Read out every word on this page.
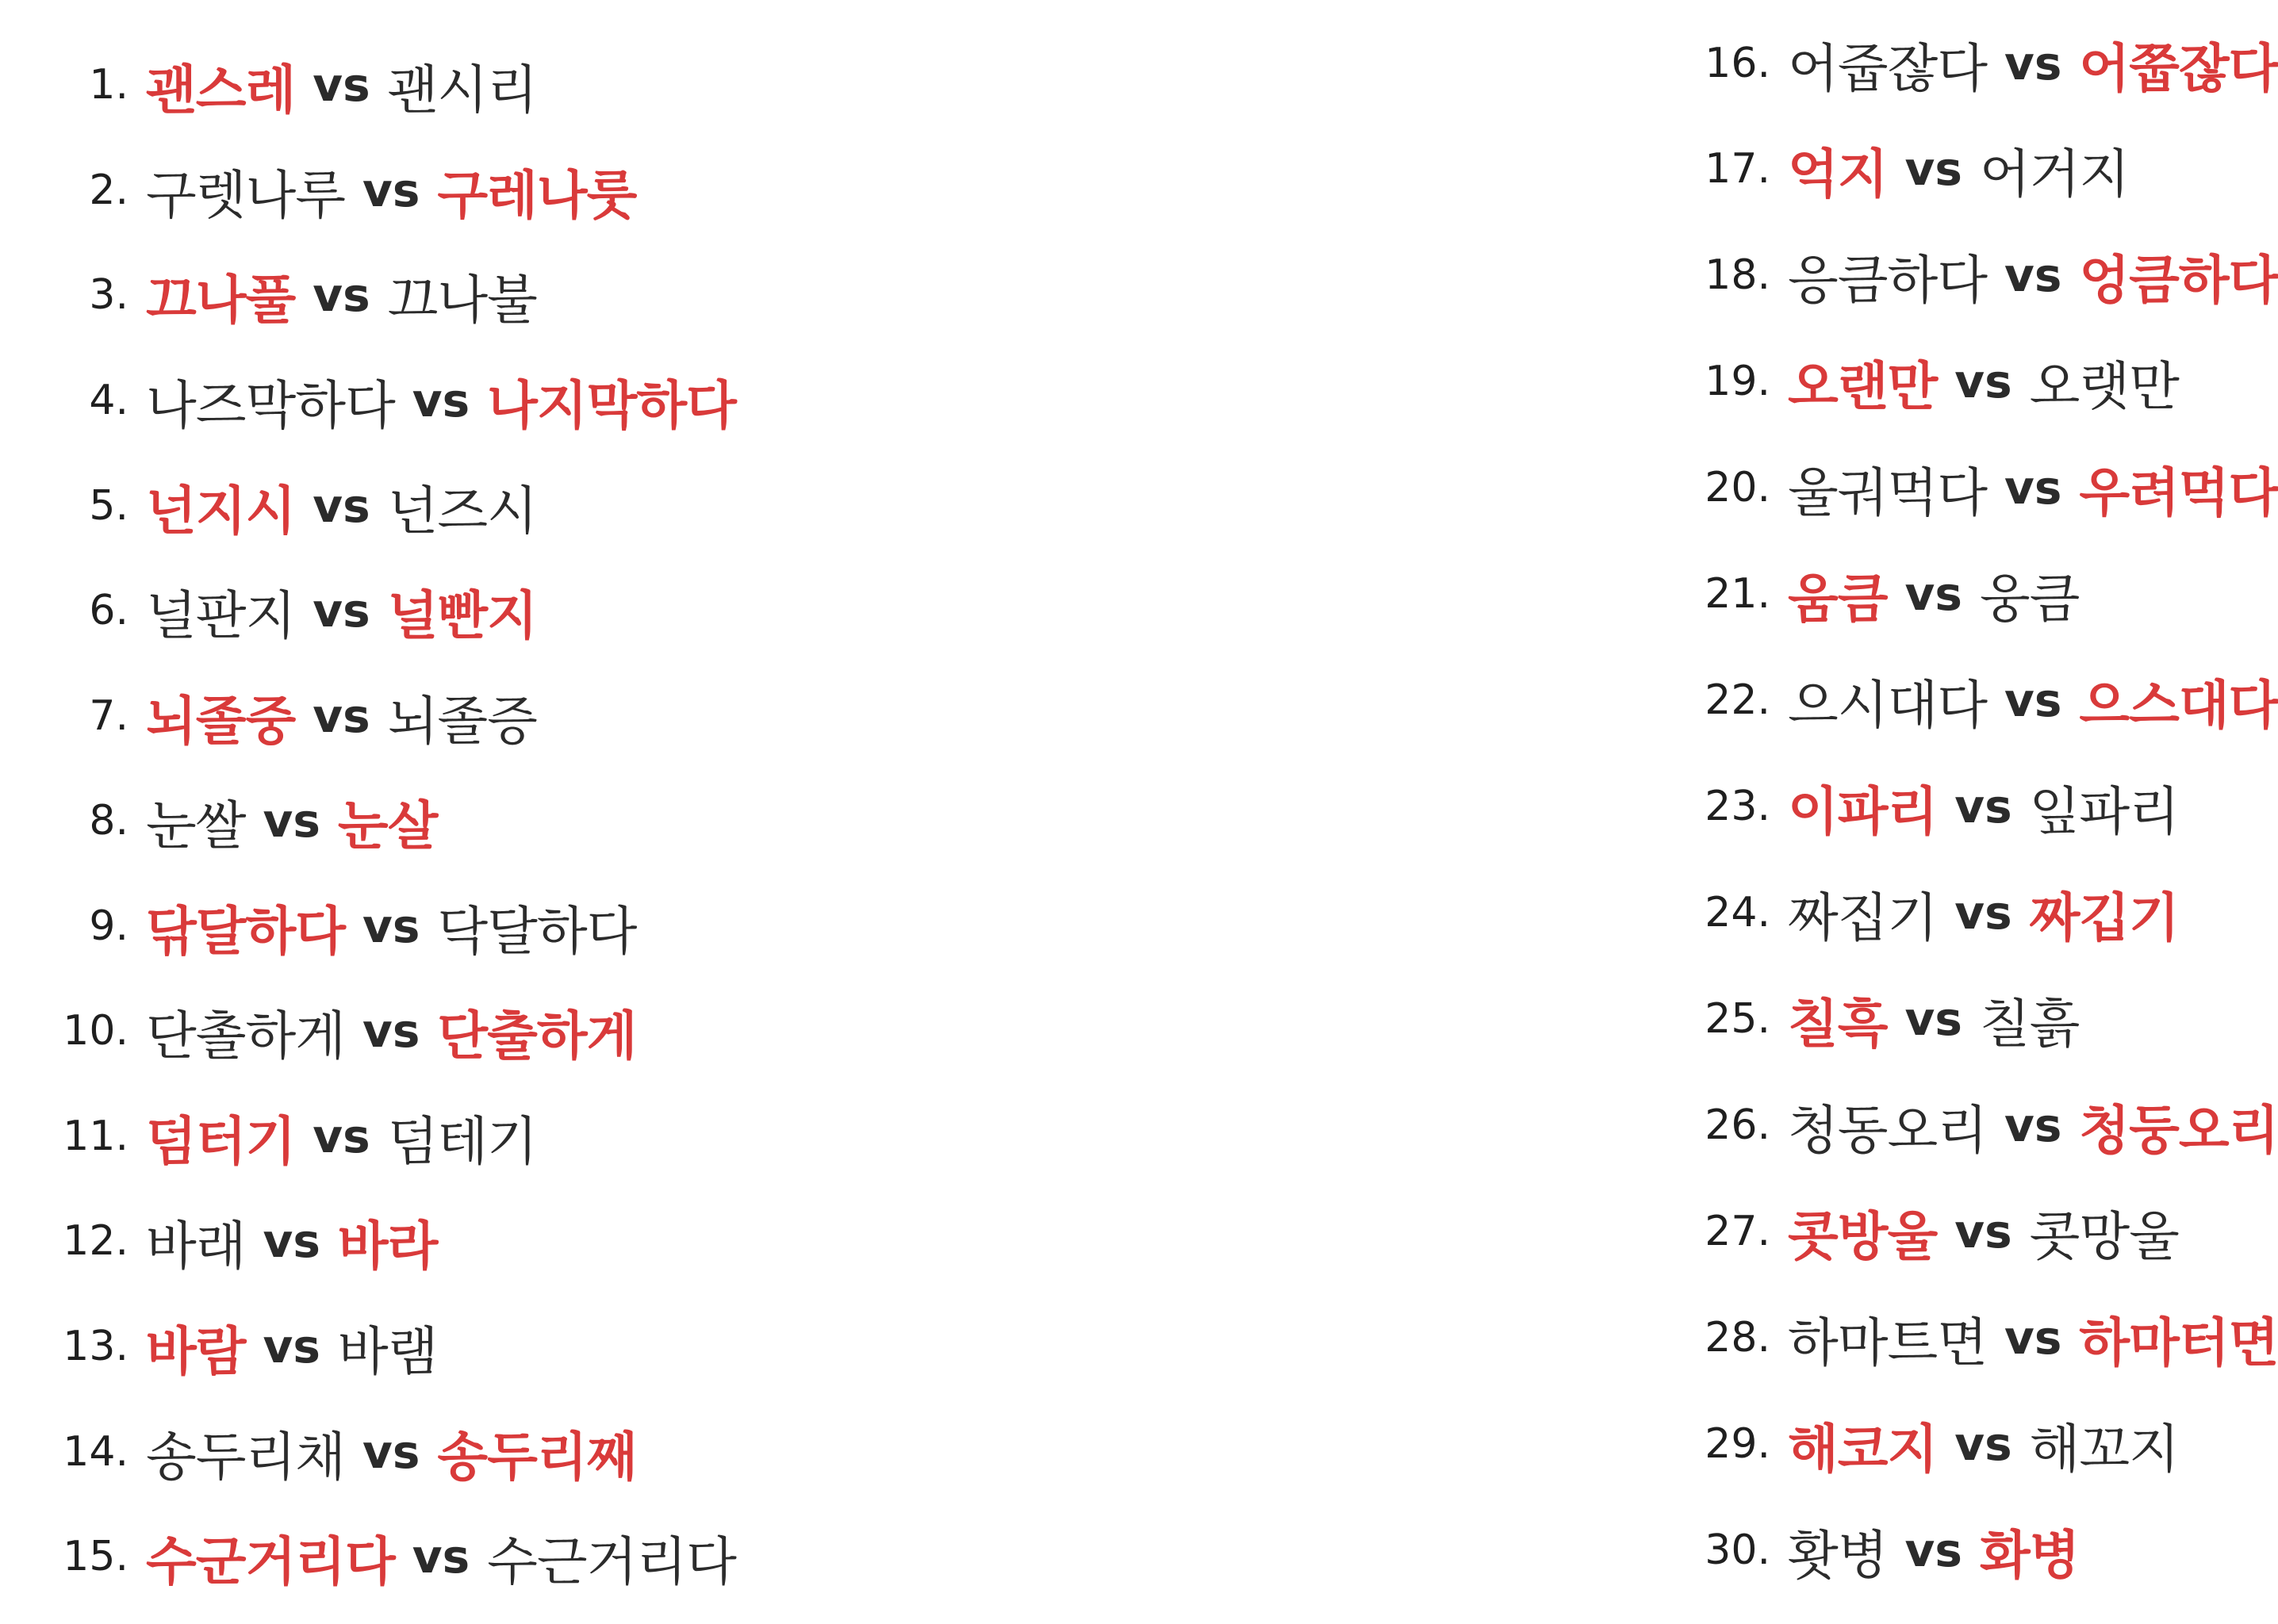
1. 괜스레 vs 괜시리
2. 구렛나루 vs 구레나룻
3. 끄나풀 vs 끄나불
4. 나즈막하다 vs 나지막하다
5. 넌지시 vs 넌즈시
6. 널판지 vs 널빤지
7. 뇌졸중 vs 뇌졸증
8. 눈쌀 vs 눈살
9. 닦달하다 vs 닥달하다
10. 단촐하게 vs 단출하게
11. 덤터기 vs 덤테기
12. 바래 vs 바라
13. 바람 vs 바램
14. 송두리채 vs 송두리째
15. 수군거리다 vs 수근거리다
16. 어줍잖다 vs 어쭙잖다
17. 억지 vs 어거지
18. 응큼하다 vs 엉큼하다
19. 오랜만 vs 오랫만
20. 울궈먹다 vs 우려먹다
21. 움큼 vs 웅큼
22. 으시대다 vs 으스대다
23. 이파리 vs 잎파리
24. 짜집기 vs 짜깁기
25. 칠흑 vs 칠흙
26. 청동오리 vs 청둥오리
27. 콧방울 vs 콧망울
28. 하마트면 vs 하마터면
29. 해코지 vs 해꼬지
30. 홧병 vs 화병
